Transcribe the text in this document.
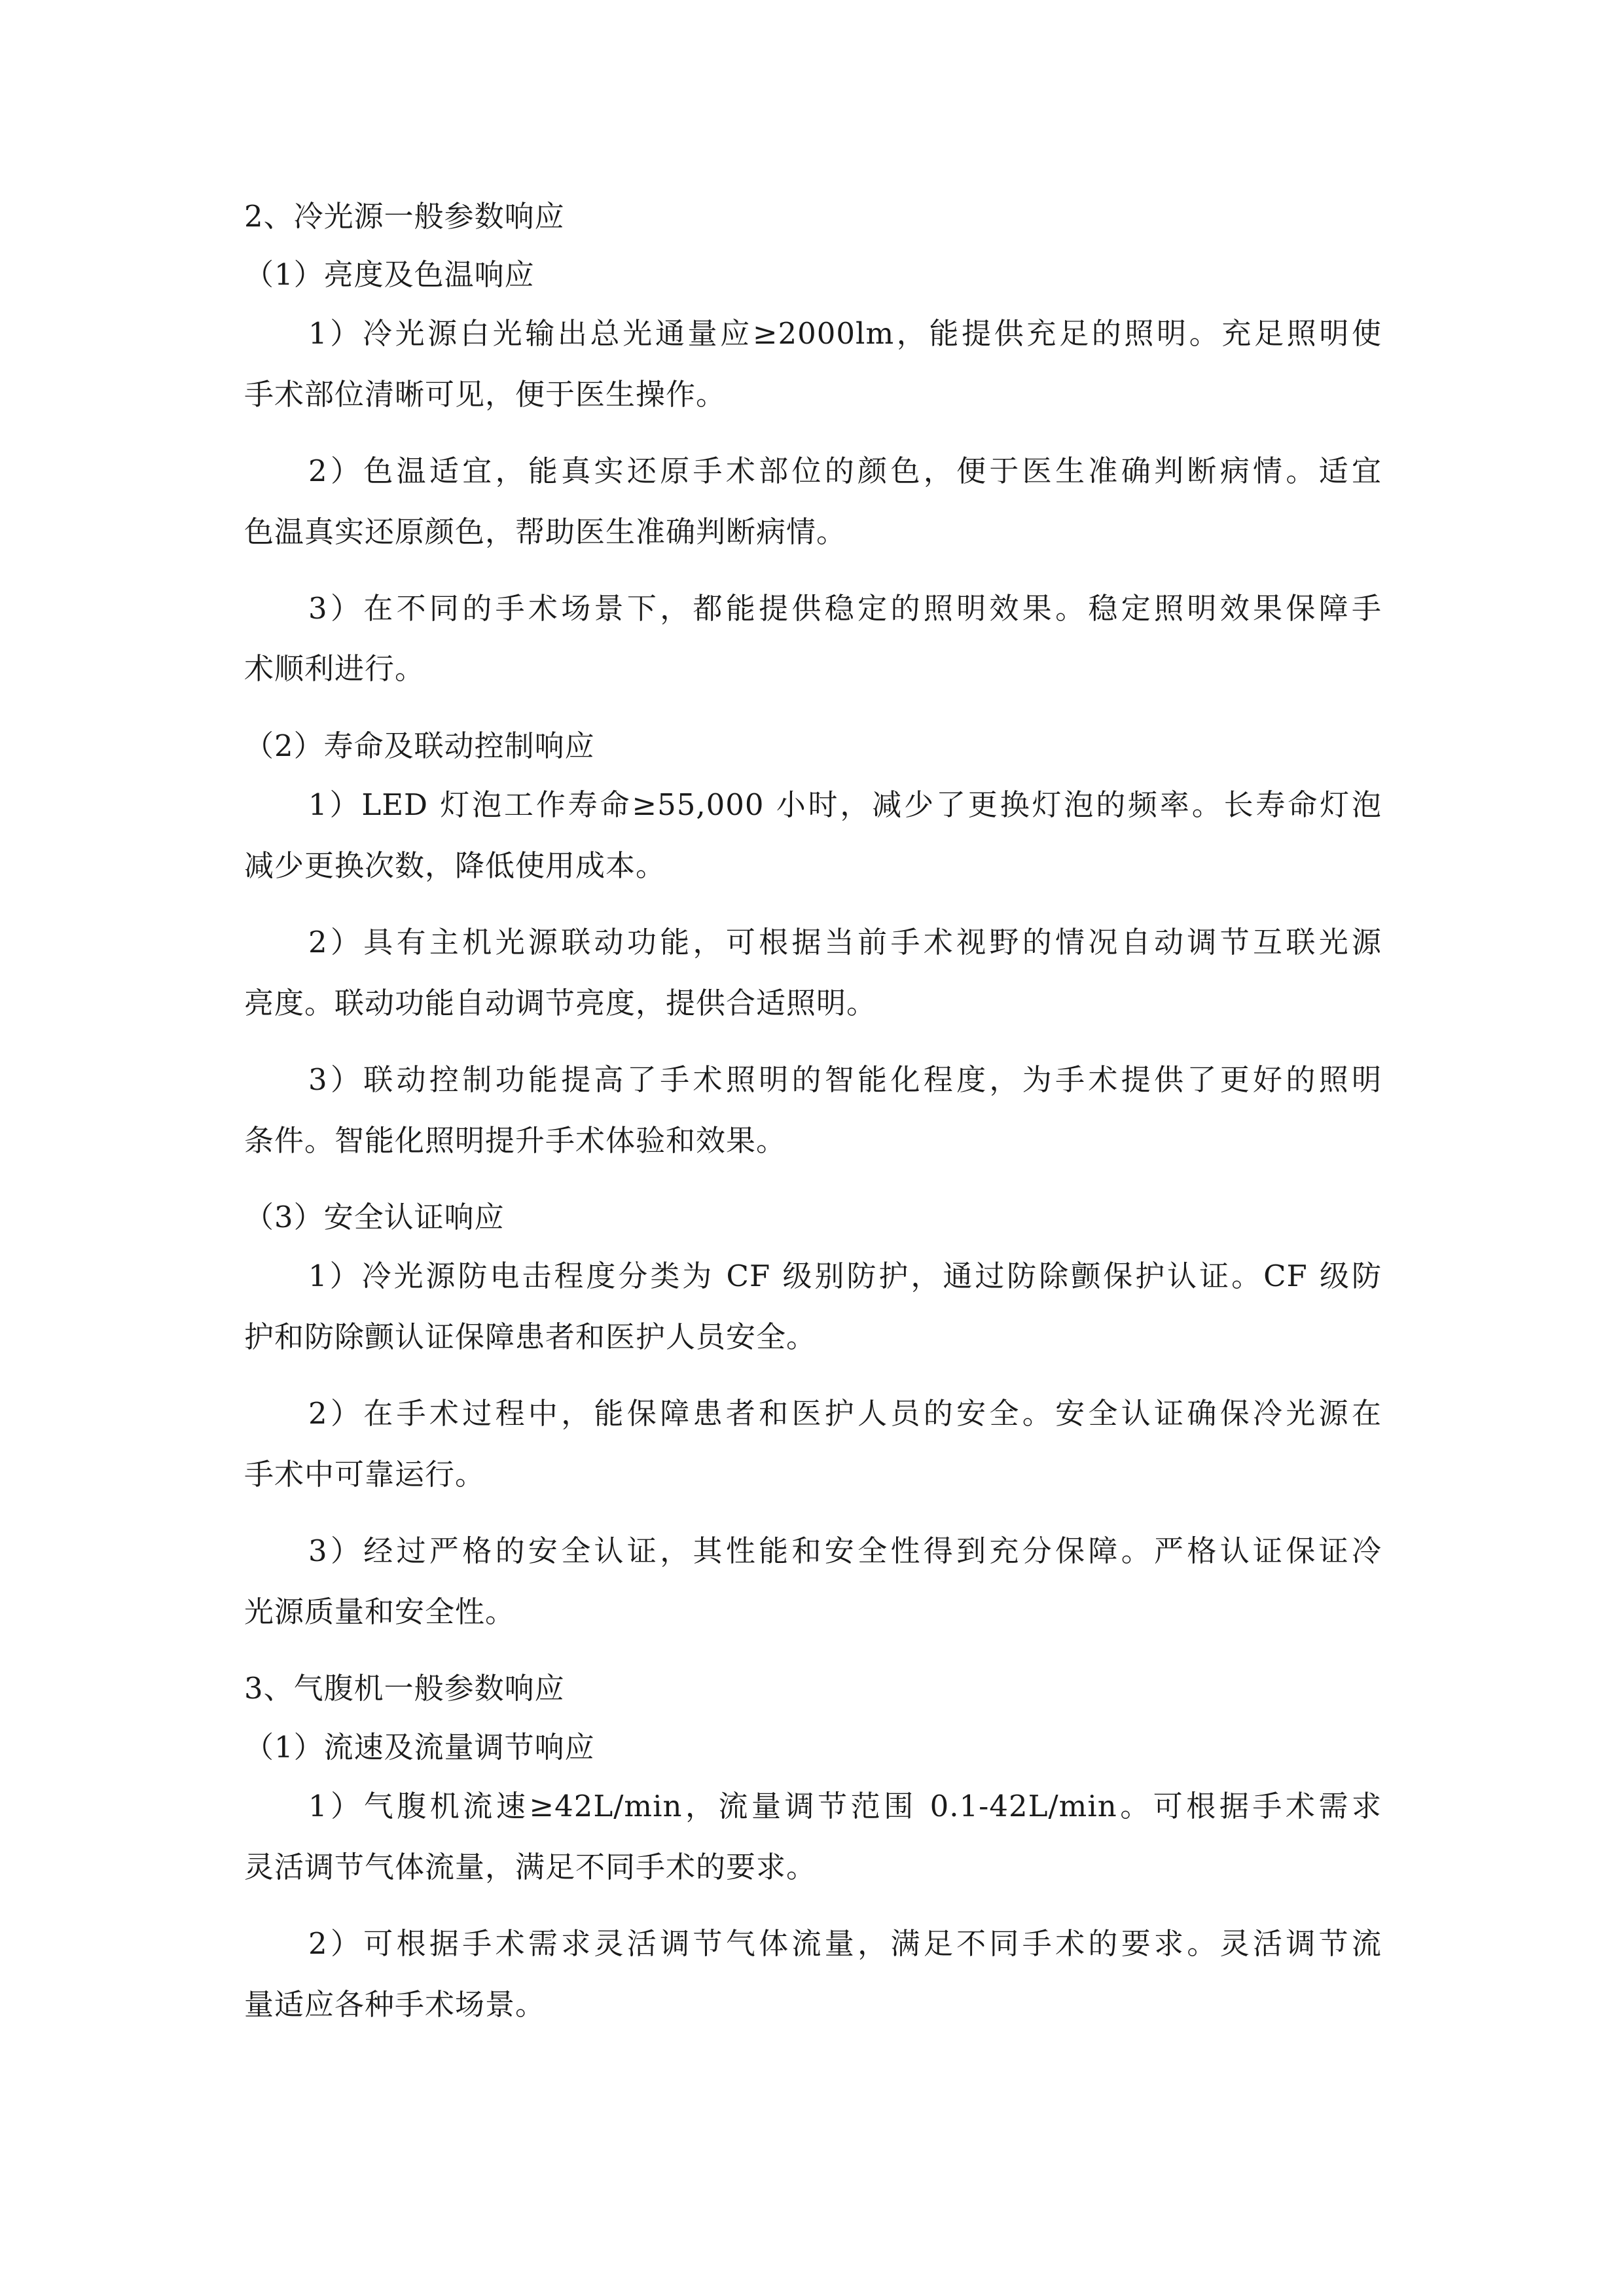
2、冷光源一般参数响应
（1）亮度及色温响应
1）冷光源白光输出总光通量应≥2000lm，能提供充足的照明。充足照明使
手术部位清晰可见，便于医生操作。
2）色温适宜，能真实还原手术部位的颜色，便于医生准确判断病情。适宜
色温真实还原颜色，帮助医生准确判断病情。
3）在不同的手术场景下，都能提供稳定的照明效果。稳定照明效果保障手
术顺利进行。
（2）寿命及联动控制响应
1）LED 灯泡工作寿命≥55,000 小时，减少了更换灯泡的频率。长寿命灯泡
减少更换次数，降低使用成本。
2）具有主机光源联动功能，可根据当前手术视野的情况自动调节互联光源
亮度。联动功能自动调节亮度，提供合适照明。
3）联动控制功能提高了手术照明的智能化程度，为手术提供了更好的照明
条件。智能化照明提升手术体验和效果。
（3）安全认证响应
1）冷光源防电击程度分类为 CF 级别防护，通过防除颤保护认证。CF 级防
护和防除颤认证保障患者和医护人员安全。
2）在手术过程中，能保障患者和医护人员的安全。安全认证确保冷光源在
手术中可靠运行。
3）经过严格的安全认证，其性能和安全性得到充分保障。严格认证保证冷
光源质量和安全性。
3、气腹机一般参数响应
（1）流速及流量调节响应
1）气腹机流速≥42L/min，流量调节范围 0.1-42L/min。可根据手术需求
灵活调节气体流量，满足不同手术的要求。
2）可根据手术需求灵活调节气体流量，满足不同手术的要求。灵活调节流
量适应各种手术场景。
